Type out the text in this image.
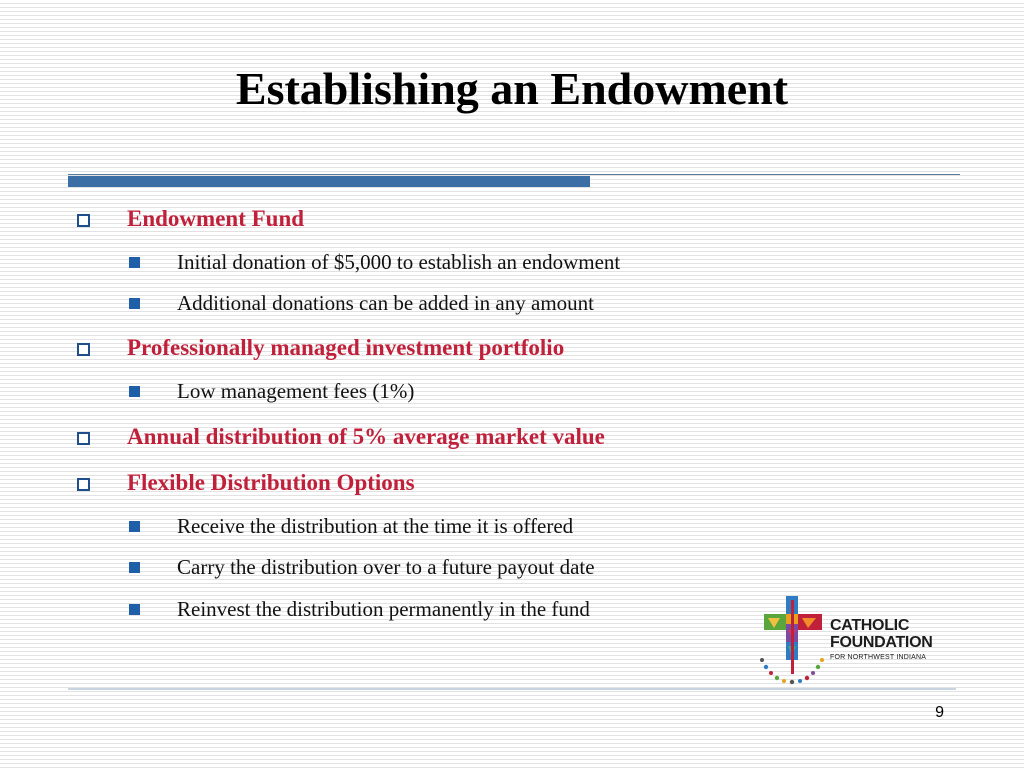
Establishing an Endowment
Endowment Fund
Initial donation of $5,000 to establish an endowment
Additional donations can be added in any amount
Professionally managed investment portfolio
Low management fees (1%)
Annual distribution of 5% average market value
Flexible Distribution Options
Receive the distribution at the time it is offered
Carry the distribution over to a future payout date
Reinvest the distribution permanently in the fund
CATHOLIC
FOUNDATION
FOR NORTHWEST INDIANA
9
